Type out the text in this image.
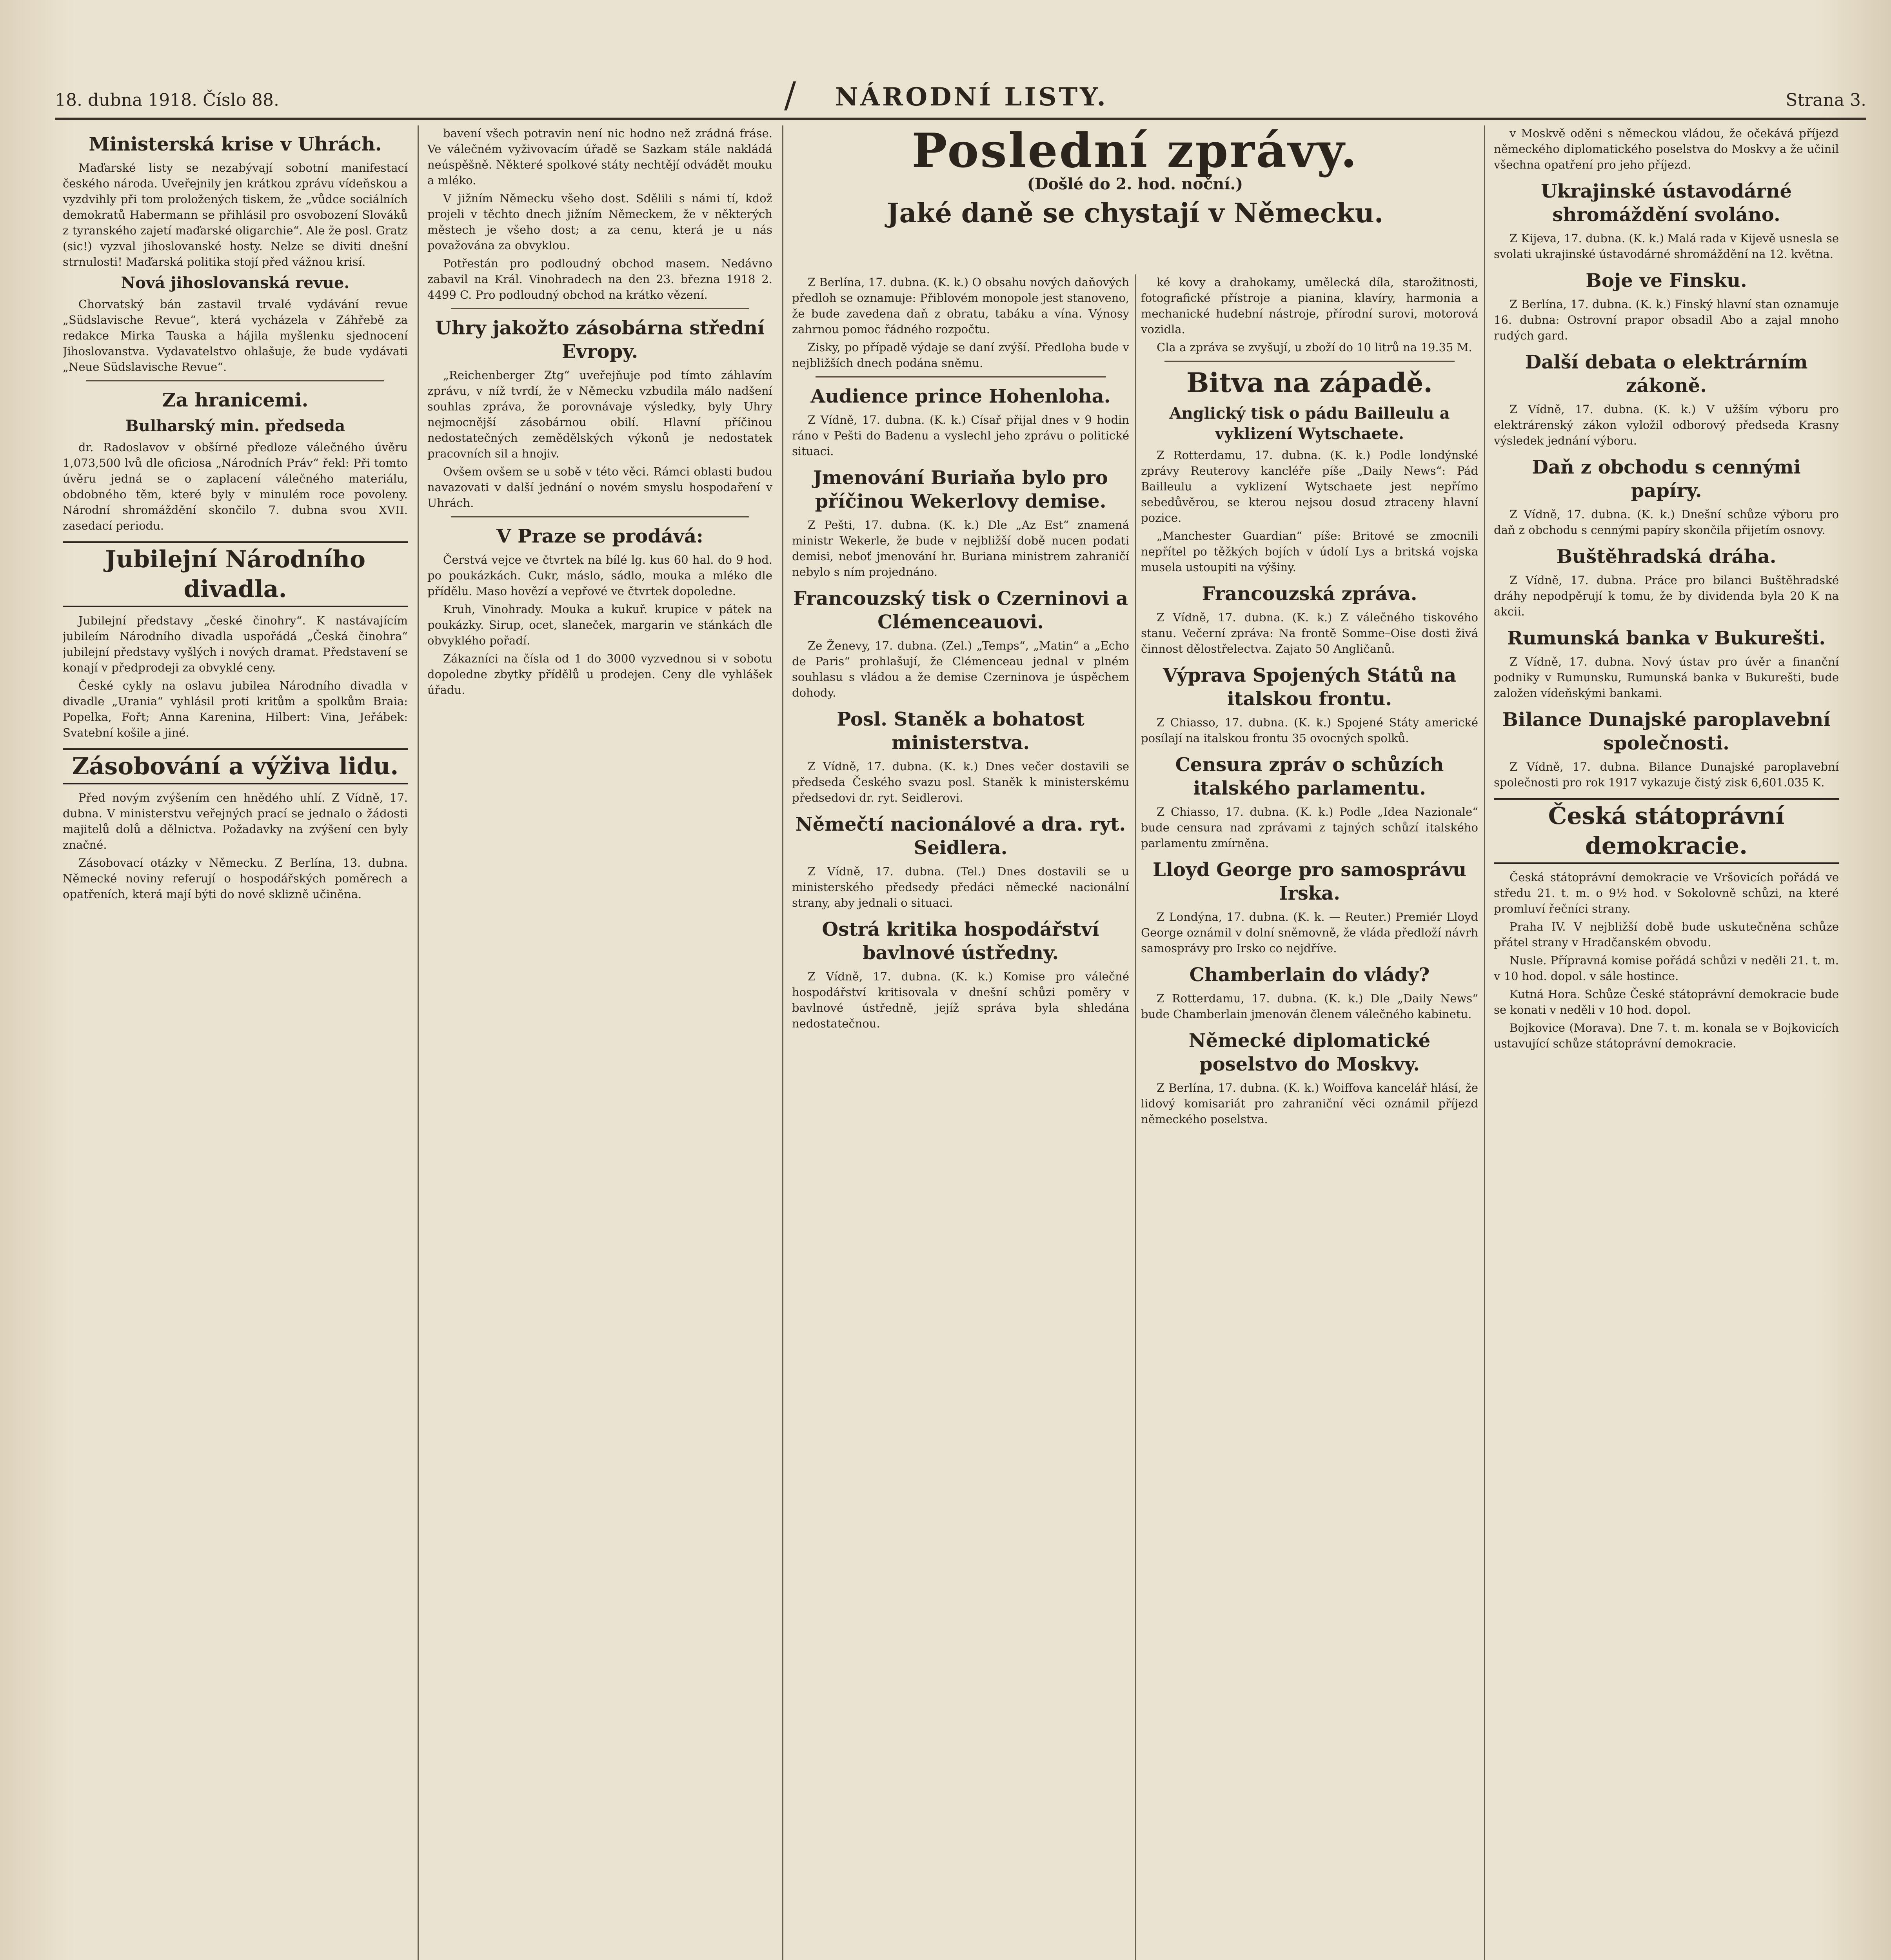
18. dubna 1918. Číslo 88.	/ NÁRODNÍ LISTY.	Strana 3.
Ministerská krise v Uhrách.

Maďarské listy se nezabývají sobotní manifestací českého národa. Uveřejnily jen krátkou zprávu vídeňskou a vyzdvihly při tom proložených tiskem, že „vůdce sociálních demokratů Habermann se přihlásil pro osvobození Slováků z tyranského zajetí maďarské oligarchie“. Ale že posl. Gratz (sic!) vyzval jihoslovanské hosty. Nelze se diviti dnešní strnulosti! Maďarská politika stojí před vážnou krisí.

Nová jihoslovanská revue.

Chorvatský bán zastavil trvalé vydávání revue „Südslavische Revue“, která vycházela v Záhřebě za redakce Mirka Tauska a hájila myšlenku sjednocení Jihoslovanstva. Vydavatelstvo ohlašuje, že bude vydávati „Neue Südslavische Revue“.

Za hranicemi.
Bulharský min. předseda

dr. Radoslavov v obšírné předloze válečného úvěru 1,073,500 lvů dle oficiosa „Národních Práv“ řekl: Při tomto úvěru jedná se o zaplacení válečného materiálu, obdobného těm, které byly v minulém roce povoleny. Národní shromáždění skončilo 7. dubna svou XVII. zasedací periodu.

Jubilejní Národního divadla.

Jubilejní představy „české činohry“. K nastávajícím jubileím Národního divadla uspořádá „Česká činohra“ jubilejní představy vyšlých i nových dramat. Představení se konají v předprodeji za obvyklé ceny.

České cykly na oslavu jubilea Národního divadla v divadle „Urania“ vyhlásil proti kritům a spolkům Braia: Popelka, Fořt; Anna Karenina, Hilbert: Vina, Jeřábek: Svatební košile a jiné.

Zásobování a výživa lidu.

Před novým zvýšením cen hnědého uhlí. Z Vídně, 17. dubna. V ministerstvu veřejných prací se jednalo o žádosti majitelů dolů a dělnictva. Požadavky na zvýšení cen byly značné.

Zásobovací otázky v Německu. Z Berlína, 13. dubna. Německé noviny referují o hospodářských poměrech a opatřeních, která mají býti do nové sklizně učiněna.

bavení všech potravin není nic hodno než zrádná fráse. Ve válečném vyživovacím úřadě se Sazkam stále nakládá neúspěšně. Některé spolkové státy nechtějí odvádět mouku a mléko.

V jižním Německu všeho dost. Sdělili s námi tí, kdož projeli v těchto dnech jižním Německem, že v některých městech je všeho dost; a za cenu, která je u nás považována za obvyklou.

Potřestán pro podloudný obchod masem. Nedávno zabavil na Král. Vinohradech na den 23. března 1918 2. 4499 C. Pro podloudný obchod na krátko vězení.

Uhry jakožto zásobárna střední Evropy.

„Reichenberger Ztg“ uveřejňuje pod tímto záhlavím zprávu, v níž tvrdí, že v Německu vzbudila málo nadšení souhlas zpráva, že porovnávaje výsledky, byly Uhry nejmocnější zásobárnou obilí. Hlavní příčinou nedostatečných zemědělských výkonů je nedostatek pracovních sil a hnojiv.

Ovšem ovšem se u sobě v této věci. Rámci oblasti budou navazovati v další jednání o novém smyslu hospodaření v Uhrách.

V Praze se prodává:

Čerstvá vejce ve čtvrtek na bílé lg. kus 60 hal. do 9 hod. po poukázkách. Cukr, máslo, sádlo, mouka a mléko dle přídělu. Maso hovězí a vepřové ve čtvrtek dopoledne.

Kruh, Vinohrady. Mouka a kukuř. krupice v pátek na poukázky. Sirup, ocet, slaneček, margarin ve stánkách dle obvyklého pořadí.

Zákazníci na čísla od 1 do 3000 vyzvednou si v sobotu dopoledne zbytky přídělů u prodejen. Ceny dle vyhlášek úřadu.

Poslední zprávy.
(Došlé do 2. hod. noční.)
Jaké daně se chystají v Německu.

Z Berlína, 17. dubna. (K. k.) O obsahu nových daňových předloh se oznamuje: Přiblovém monopole jest stanoveno, že bude zavedena daň z obratu, tabáku a vína. Výnosy zahrnou pomoc řádného rozpočtu.

Zisky, po případě výdaje se daní zvýší. Předloha bude v nejbližších dnech podána sněmu.

Audience prince Hohenloha.

Z Vídně, 17. dubna. (K. k.) Císař přijal dnes v 9 hodin ráno v Pešti do Badenu a vyslechl jeho zprávu o politické situaci.

Jmenování Buriaňa bylo pro příčinou Wekerlovy demise.

Z Pešti, 17. dubna. (K. k.) Dle „Az Est“ znamená ministr Wekerle, že bude v nejbližší době nucen podati demisi, neboť jmenování hr. Buriana ministrem zahraničí nebylo s ním projednáno.

Francouzský tisk o Czerninovi a Clémenceauovi.

Ze Ženevy, 17. dubna. (Zel.) „Temps“, „Matin“ a „Echo de Paris“ prohlašují, že Clémenceau jednal v plném souhlasu s vládou a že demise Czerninova je úspěchem dohody.

Posl. Staněk a bohatost ministerstva.

Z Vídně, 17. dubna. (K. k.) Dnes večer dostavili se předseda Českého svazu posl. Staněk k ministerskému předsedovi dr. ryt. Seidlerovi.

Němečtí nacionálové a dra. ryt. Seidlera.

Z Vídně, 17. dubna. (Tel.) Dnes dostavili se u ministerského předsedy předáci německé nacionální strany, aby jednali o situaci.

Ostrá kritika hospodářství bavlnové ústředny.

Z Vídně, 17. dubna. (K. k.) Komise pro válečné hospodářství kritisovala v dnešní schůzi poměry v bavlnové ústředně, jejíž správa byla shledána nedostatečnou.

ké kovy a drahokamy, umělecká díla, starožitnosti, fotografické přístroje a pianina, klavíry, harmonia a mechanické hudební nástroje, přírodní surovi, motorová vozidla.

Cla a zpráva se zvyšují, u zboží do 10 litrů na 19.35 M.

Bitva na západě.
Anglický tisk o pádu Bailleulu a vyklizení Wytschaete.

Z Rotterdamu, 17. dubna. (K. k.) Podle londýnské zprávy Reuterovy kancléře píše „Daily News“: Pád Bailleulu a vyklizení Wytschaete jest nepřímo sebedůvěrou, se kterou nejsou dosud ztraceny hlavní pozice.

„Manchester Guardian“ píše: Britové se zmocnili nepřítel po těžkých bojích v údolí Lys a britská vojska musela ustoupiti na výšiny.

Francouzská zpráva.

Z Vídně, 17. dubna. (K. k.) Z válečného tiskového stanu. Večerní zpráva: Na frontě Somme–Oise dosti živá činnost dělostřelectva. Zajato 50 Angličanů.

Výprava Spojených Států na italskou frontu.

Z Chiasso, 17. dubna. (K. k.) Spojené Státy americké posílají na italskou frontu 35 ovocných spolků.

Censura zpráv o schůzích italského parlamentu.

Z Chiasso, 17. dubna. (K. k.) Podle „Idea Nazionale“ bude censura nad zprávami z tajných schůzí italského parlamentu zmírněna.

Lloyd George pro samosprávu Irska.

Z Londýna, 17. dubna. (K. k. — Reuter.) Premiér Lloyd George oznámil v dolní sněmovně, že vláda předloží návrh samosprávy pro Irsko co nejdříve.

Chamberlain do vlády?

Z Rotterdamu, 17. dubna. (K. k.) Dle „Daily News“ bude Chamberlain jmenován členem válečného kabinetu.

Německé diplomatické poselstvo do Moskvy.

Z Berlína, 17. dubna. (K. k.) Woiffova kancelář hlásí, že lidový komisariát pro zahraniční věci oznámil příjezd německého poselstva.

v Moskvě oděni s německou vládou, že očekává příjezd německého diplomatického poselstva do Moskvy a že učinil všechna opatření pro jeho příjezd.

Ukrajinské ústavodárné shromáždění svoláno.

Z Kijeva, 17. dubna. (K. k.) Malá rada v Kijevě usnesla se svolati ukrajinské ústavodárné shromáždění na 12. května.

Boje ve Finsku.

Z Berlína, 17. dubna. (K. k.) Finský hlavní stan oznamuje 16. dubna: Ostrovní prapor obsadil Abo a zajal mnoho rudých gard.

Další debata o elektrárním zákoně.

Z Vídně, 17. dubna. (K. k.) V užším výboru pro elektrárenský zákon vyložil odborový předseda Krasny výsledek jednání výboru.

Daň z obchodu s cennými papíry.

Z Vídně, 17. dubna. (K. k.) Dnešní schůze výboru pro daň z obchodu s cennými papíry skončila přijetím osnovy.

Buštěhradská dráha.

Z Vídně, 17. dubna. Práce pro bilanci Buštěhradské dráhy nepodpěrují k tomu, že by dividenda byla 20 K na akcii.

Rumunská banka v Bukurešti.

Z Vídně, 17. dubna. Nový ústav pro úvěr a finanční podniky v Rumunsku, Rumunská banka v Bukurešti, bude založen vídeňskými bankami.

Bilance Dunajské paroplavební společnosti.

Z Vídně, 17. dubna. Bilance Dunajské paroplavební společnosti pro rok 1917 vykazuje čistý zisk 6,601.035 K.

Česká státoprávní demokracie.

Česká státoprávní demokracie ve Vršovicích pořádá ve středu 21. t. m. o 9½ hod. v Sokolovně schůzi, na které promluví řečníci strany.

Praha IV. V nejbližší době bude uskutečněna schůze přátel strany v Hradčanském obvodu.

Nusle. Přípravná komise pořádá schůzi v neděli 21. t. m. v 10 hod. dopol. v sále hostince.

Kutná Hora. Schůze České státoprávní demokracie bude se konati v neděli v 10 hod. dopol.

Bojkovice (Morava). Dne 7. t. m. konala se v Bojkovicích ustavující schůze státoprávní demokracie.
